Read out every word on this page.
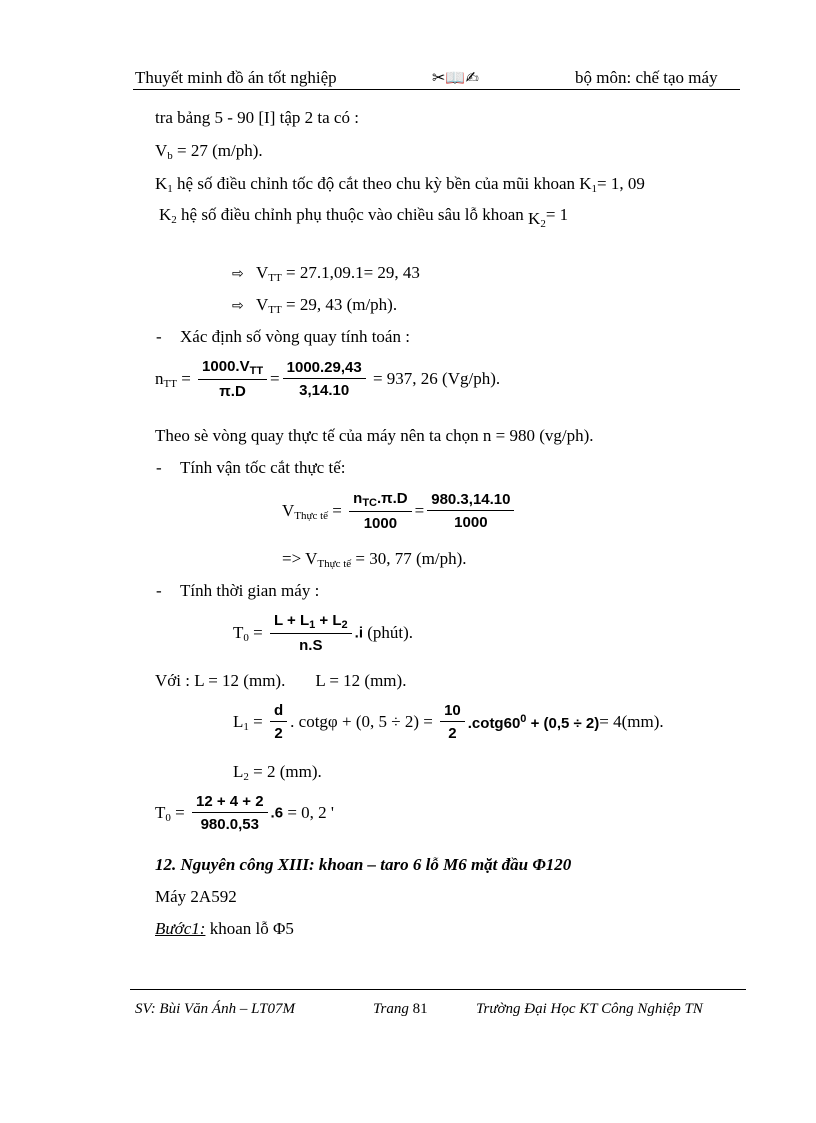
Thuyết minh đồ án tốt nghiệp	✂📖✍	bộ môn: chế tạo máy
tra bảng 5 - 90 [I] tập 2 ta có :
$V_b = 27$ (m/ph).
$K_1$ hệ số điều chỉnh tốc độ cắt theo chu kỳ bền của mũi khoan $K_1= 1$, 09
$K_2$ hệ số điều chỉnh phụ thuộc vào chiều sâu lỗ khoan $K_2= 1$
⇨ $V_{TT} = 27.1,09.1= 29$, 43
⇨ $V_{TT} = 29$, 43 (m/ph).
- Xác định số vòng quay tính toán :
$n_{TT} = \frac{1000.V_{TT}}{\pi.D} = \frac{1000.29,43}{3,14.10} = 937$, 26 (Vg/ph).
Theo sè vòng quay thực tế của máy nên ta chọn n = 980 (vg/ph).
- Tính vận tốc cắt thực tế:
$V_{Thực tế} = \frac{n_{TC}.\pi.D}{1000} = \frac{980.3,14.10}{1000}$
=> $V_{Thực tế} = 30$, 77 (m/ph).
- Tính thời gian máy :
$T_0 = \frac{L + L_1 + L_2}{n.S} .i$ (phút).
Với : L = 12 (mm). L = 12 (mm).
$L_1 = \frac{d}{2}$ . cotgφ + (0, $5 \div 2) = \frac{10}{2} .\cot g60^0 + (0,5 \div 2)= 4(mm)$.
$L_2 = 2$ (mm).
$T_0 = \frac{12 + 4 + 2}{980.0,53} .6 = 0$, 2 '
12. Nguyên công XIII: khoan – taro 6 lỗ M6 mặt đầu Φ120
Máy 2A592
Bước1: khoan lỗ Φ5
SV: Bùi Văn Ánh – LT07M	Trang 81	Trường Đại Học KT Công Nghiệp TN
